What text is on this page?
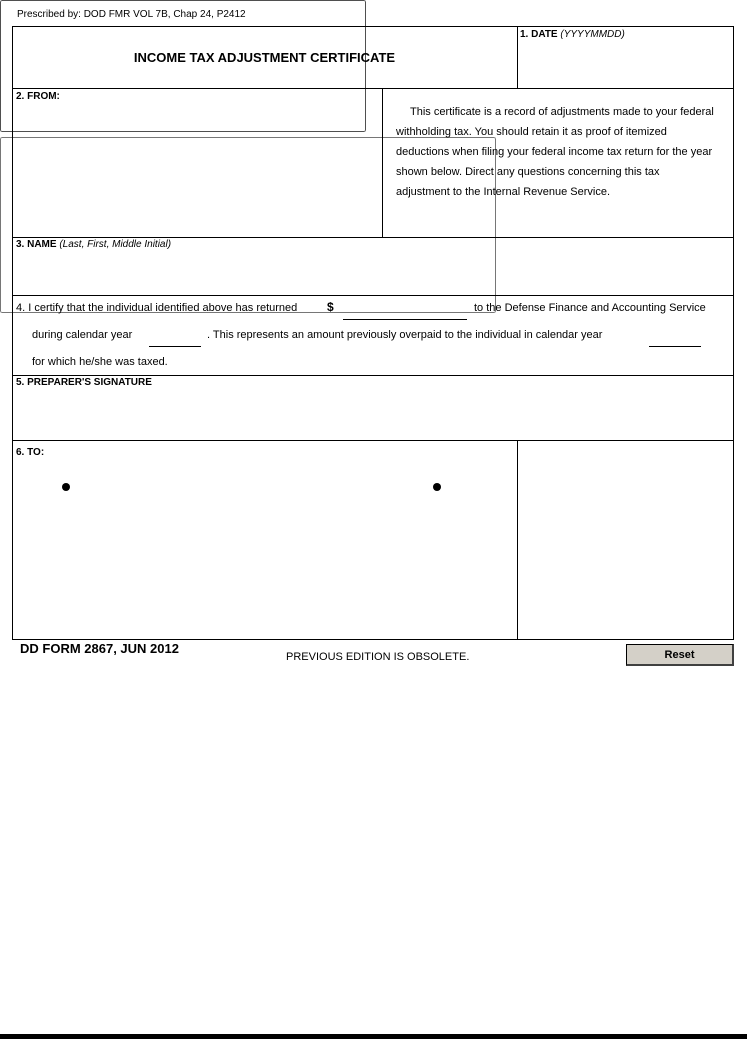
Prescribed by: DOD FMR VOL 7B, Chap 24, P2412
INCOME TAX ADJUSTMENT CERTIFICATE
1. DATE (YYYYMMDD)
2. FROM:

This certificate is a record of adjustments made to your federal withholding tax. You should retain it as proof of itemized deductions when filing your federal income tax return for the year shown below. Direct any questions concerning this tax adjustment to the Internal Revenue Service.
3. NAME (Last, First, Middle Initial)
4. I certify that the individual identified above has returned $	to the Defense Finance and Accounting Service
during calendar year	. This represents an amount previously overpaid to the individual in calendar year
for which he/she was taxed.
5. PREPARER'S SIGNATURE
6. TO:
DD FORM 2867, JUN 2012
PREVIOUS EDITION IS OBSOLETE.	Reset
